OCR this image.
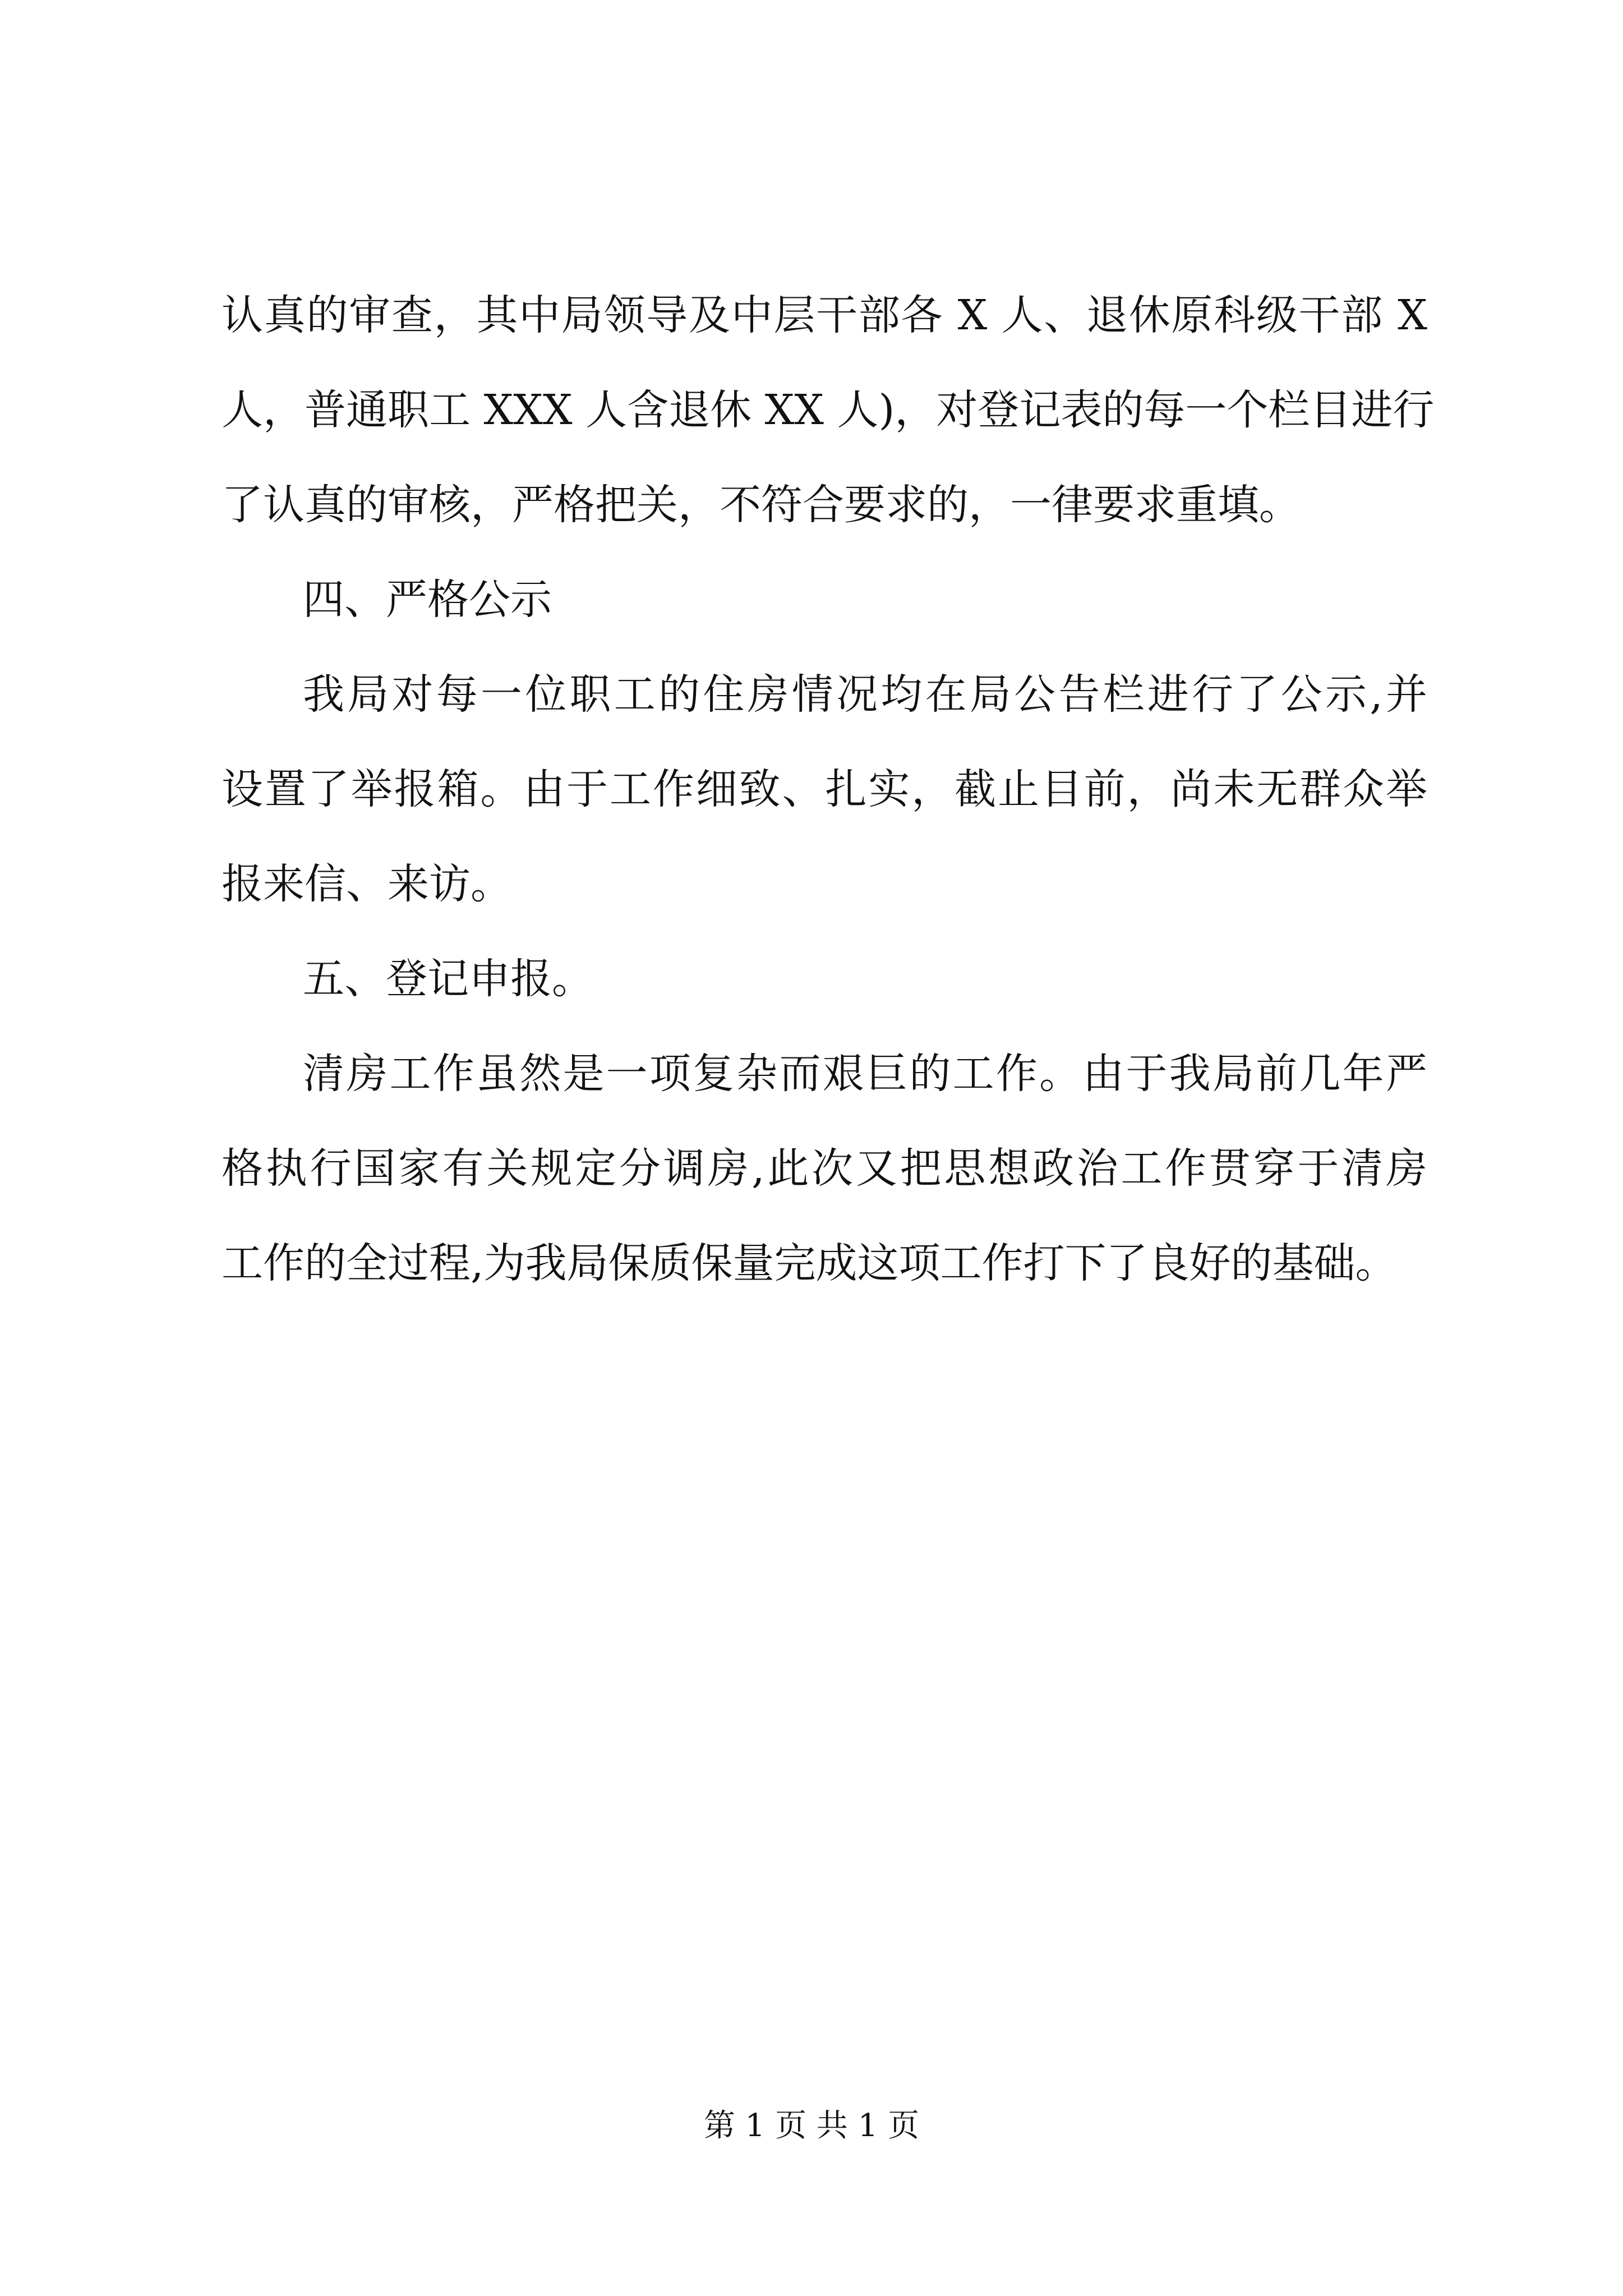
认真的审查，其中局领导及中层干部各 X 人、退休原科级干部 X
人，普通职工 XXX 人含退休 XX 人)，对登记表的每一个栏目进行
了认真的审核，严格把关，不符合要求的，一律要求重填。
四、严格公示
我局对每一位职工的住房情况均在局公告栏进行了公示,并
设置了举报箱。由于工作细致、扎实，截止目前，尚未无群众举
报来信、来访。
五、登记申报。
清房工作虽然是一项复杂而艰巨的工作。由于我局前几年严
格执行国家有关规定分调房,此次又把思想政治工作贯穿于清房
工作的全过程,为我局保质保量完成这项工作打下了良好的基础。
第 1 页 共 1 页
